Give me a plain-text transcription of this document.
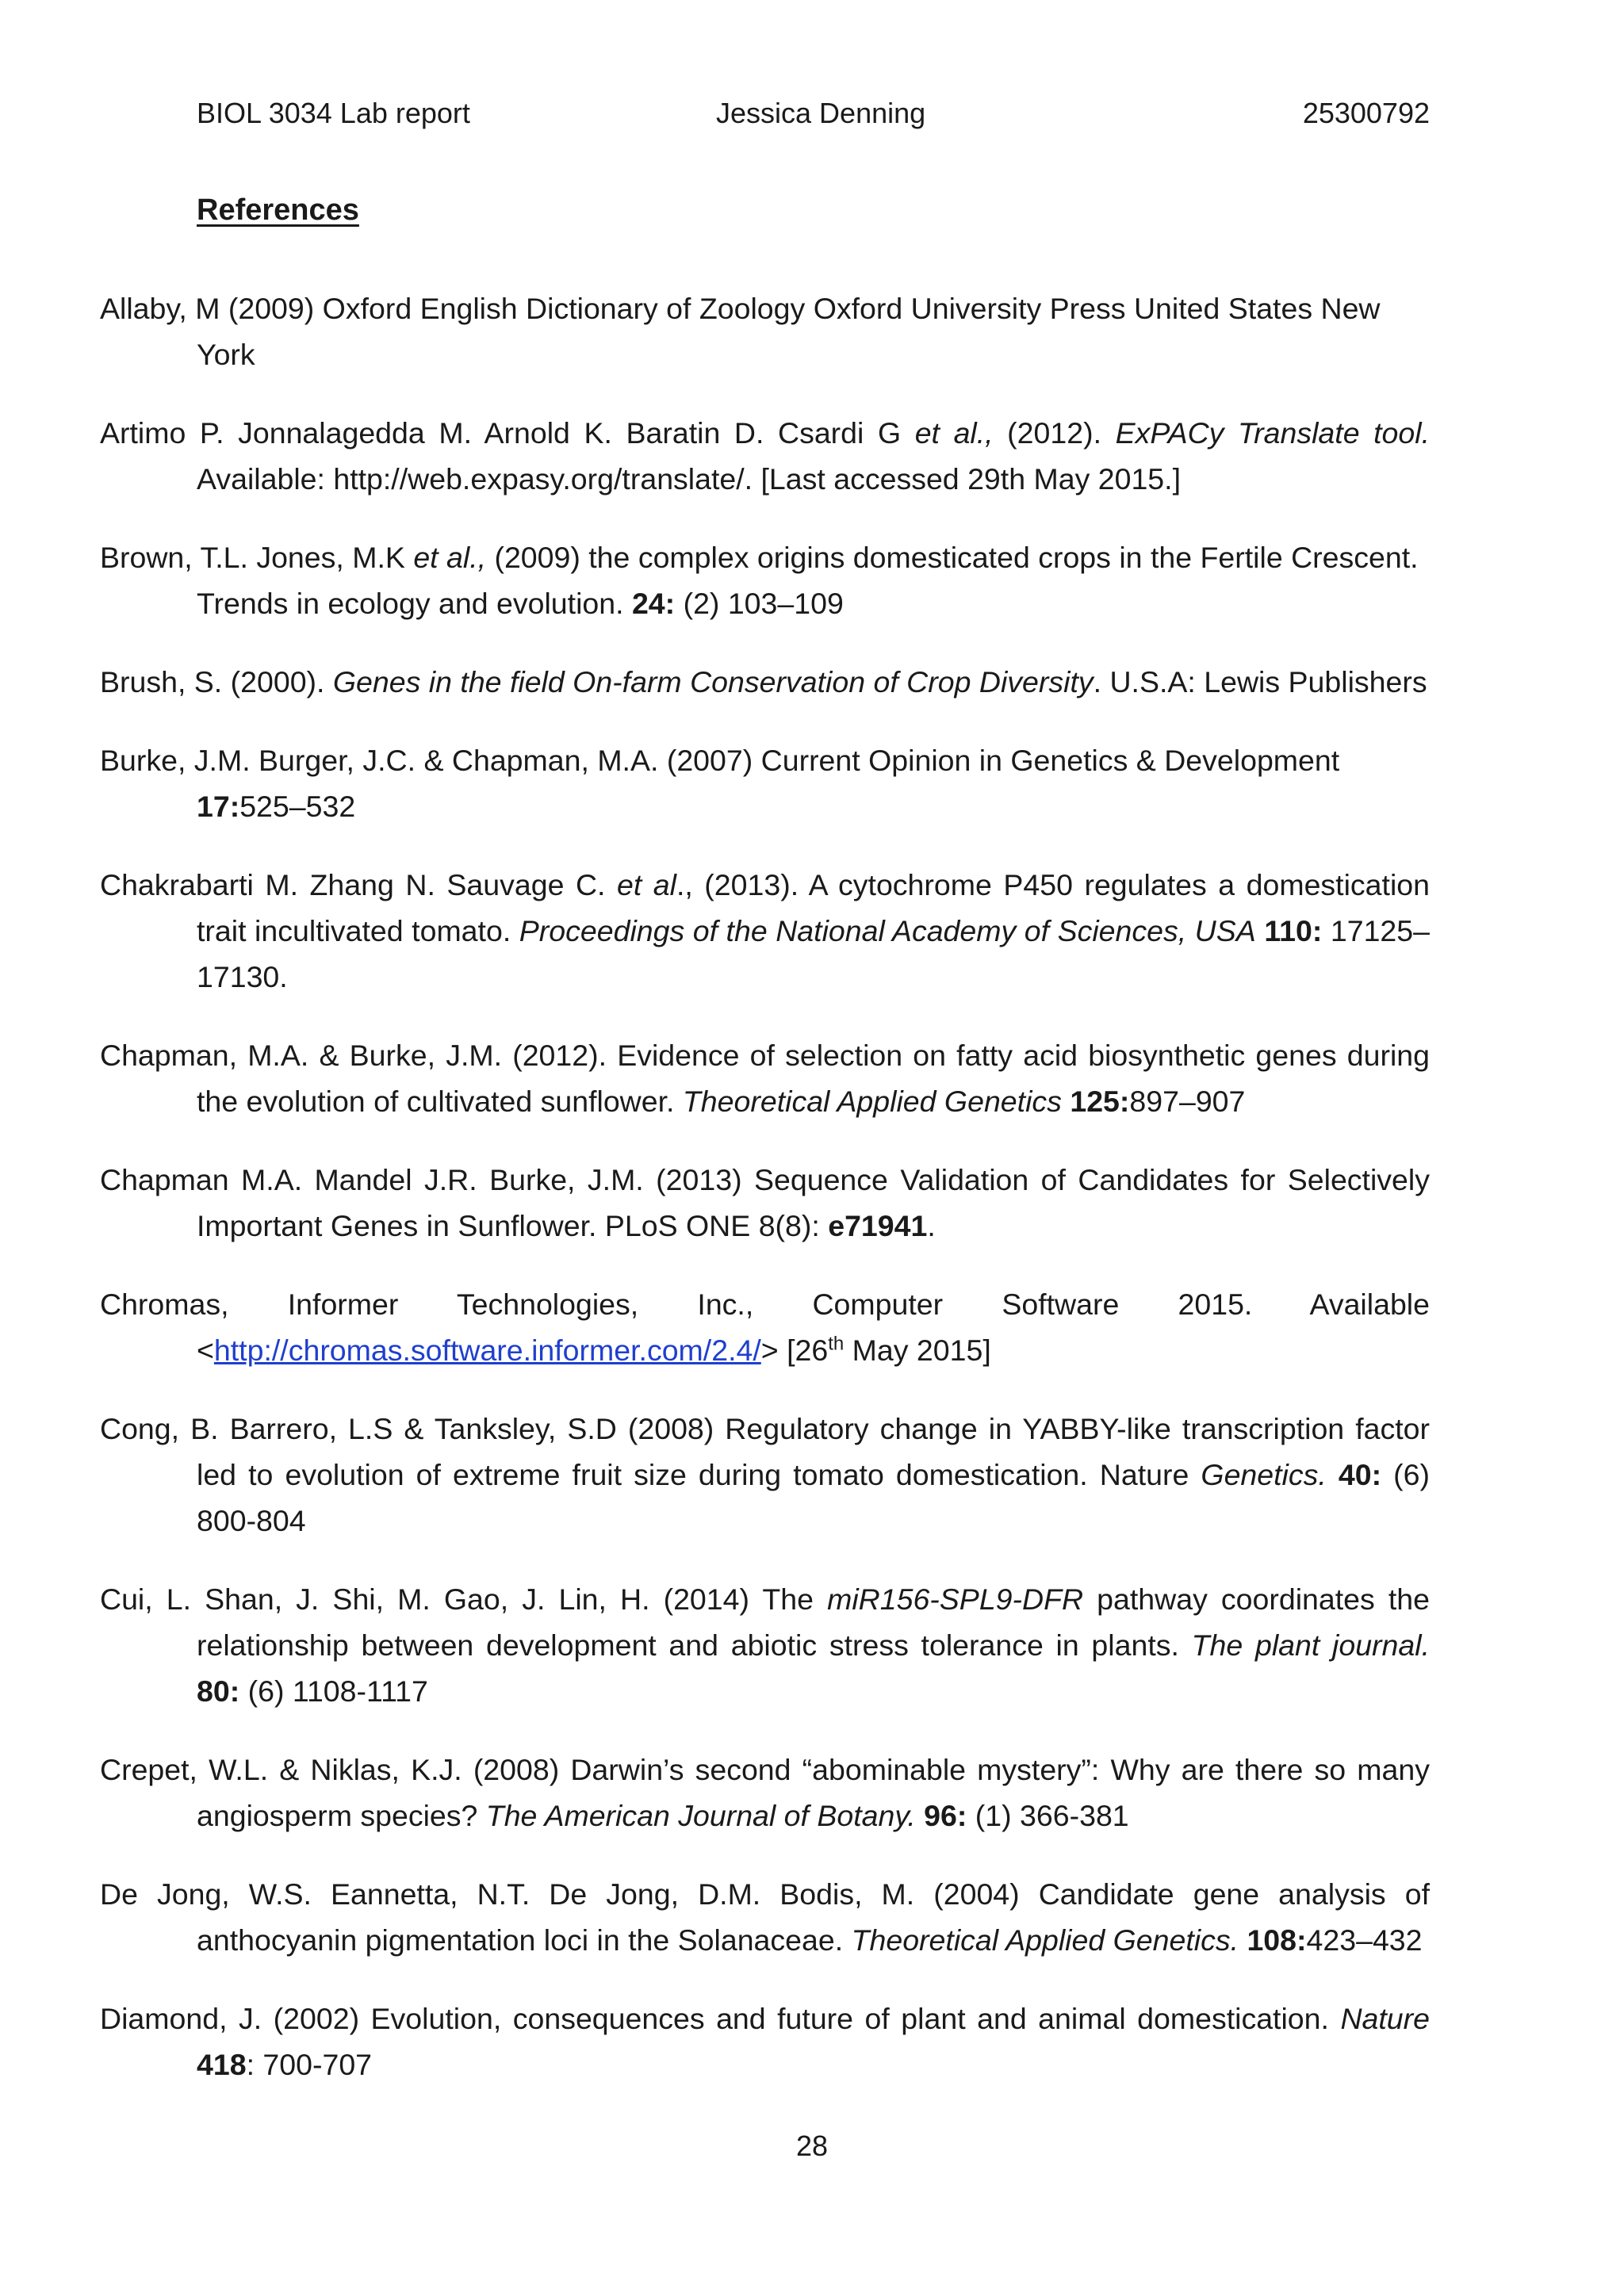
BIOL 3034 Lab report	Jessica Denning	25300792
References
Allaby, M (2009) Oxford English Dictionary of Zoology Oxford University Press United States New York
Artimo P. Jonnalagedda M. Arnold K. Baratin D. Csardi G et al., (2012). ExPACy Translate tool. Available: http://web.expasy.org/translate/. [Last accessed 29th May 2015.]
Brown, T.L. Jones, M.K et al., (2009) the complex origins domesticated crops in the Fertile Crescent. Trends in ecology and evolution. 24: (2) 103–109
Brush, S. (2000). Genes in the field On-farm Conservation of Crop Diversity. U.S.A: Lewis Publishers
Burke, J.M. Burger, J.C. & Chapman, M.A. (2007) Current Opinion in Genetics & Development 17:525–532
Chakrabarti M. Zhang N. Sauvage C. et al., (2013). A cytochrome P450 regulates a domestication trait incultivated tomato. Proceedings of the National Academy of Sciences, USA 110: 17125–17130.
Chapman, M.A. & Burke, J.M. (2012). Evidence of selection on fatty acid biosynthetic genes during the evolution of cultivated sunflower. Theoretical Applied Genetics 125:897–907
Chapman M.A. Mandel J.R. Burke, J.M. (2013) Sequence Validation of Candidates for Selectively Important Genes in Sunflower. PLoS ONE 8(8): e71941.
Chromas, Informer Technologies, Inc., Computer Software 2015. Available <http://chromas.software.informer.com/2.4/> [26th May 2015]
Cong, B. Barrero, L.S & Tanksley, S.D (2008) Regulatory change in YABBY-like transcription factor led to evolution of extreme fruit size during tomato domestication. Nature Genetics. 40: (6) 800-804
Cui, L. Shan, J. Shi, M. Gao, J. Lin, H. (2014) The miR156-SPL9-DFR pathway coordinates the relationship between development and abiotic stress tolerance in plants. The plant journal. 80: (6) 1108-1117
Crepet, W.L. & Niklas, K.J. (2008) Darwin’s second “abominable mystery”: Why are there so many angiosperm species? The American Journal of Botany. 96: (1) 366-381
De Jong, W.S. Eannetta, N.T. De Jong, D.M. Bodis, M. (2004) Candidate gene analysis of anthocyanin pigmentation loci in the Solanaceae. Theoretical Applied Genetics. 108:423–432
Diamond, J. (2002) Evolution, consequences and future of plant and animal domestication. Nature 418: 700-707
28
